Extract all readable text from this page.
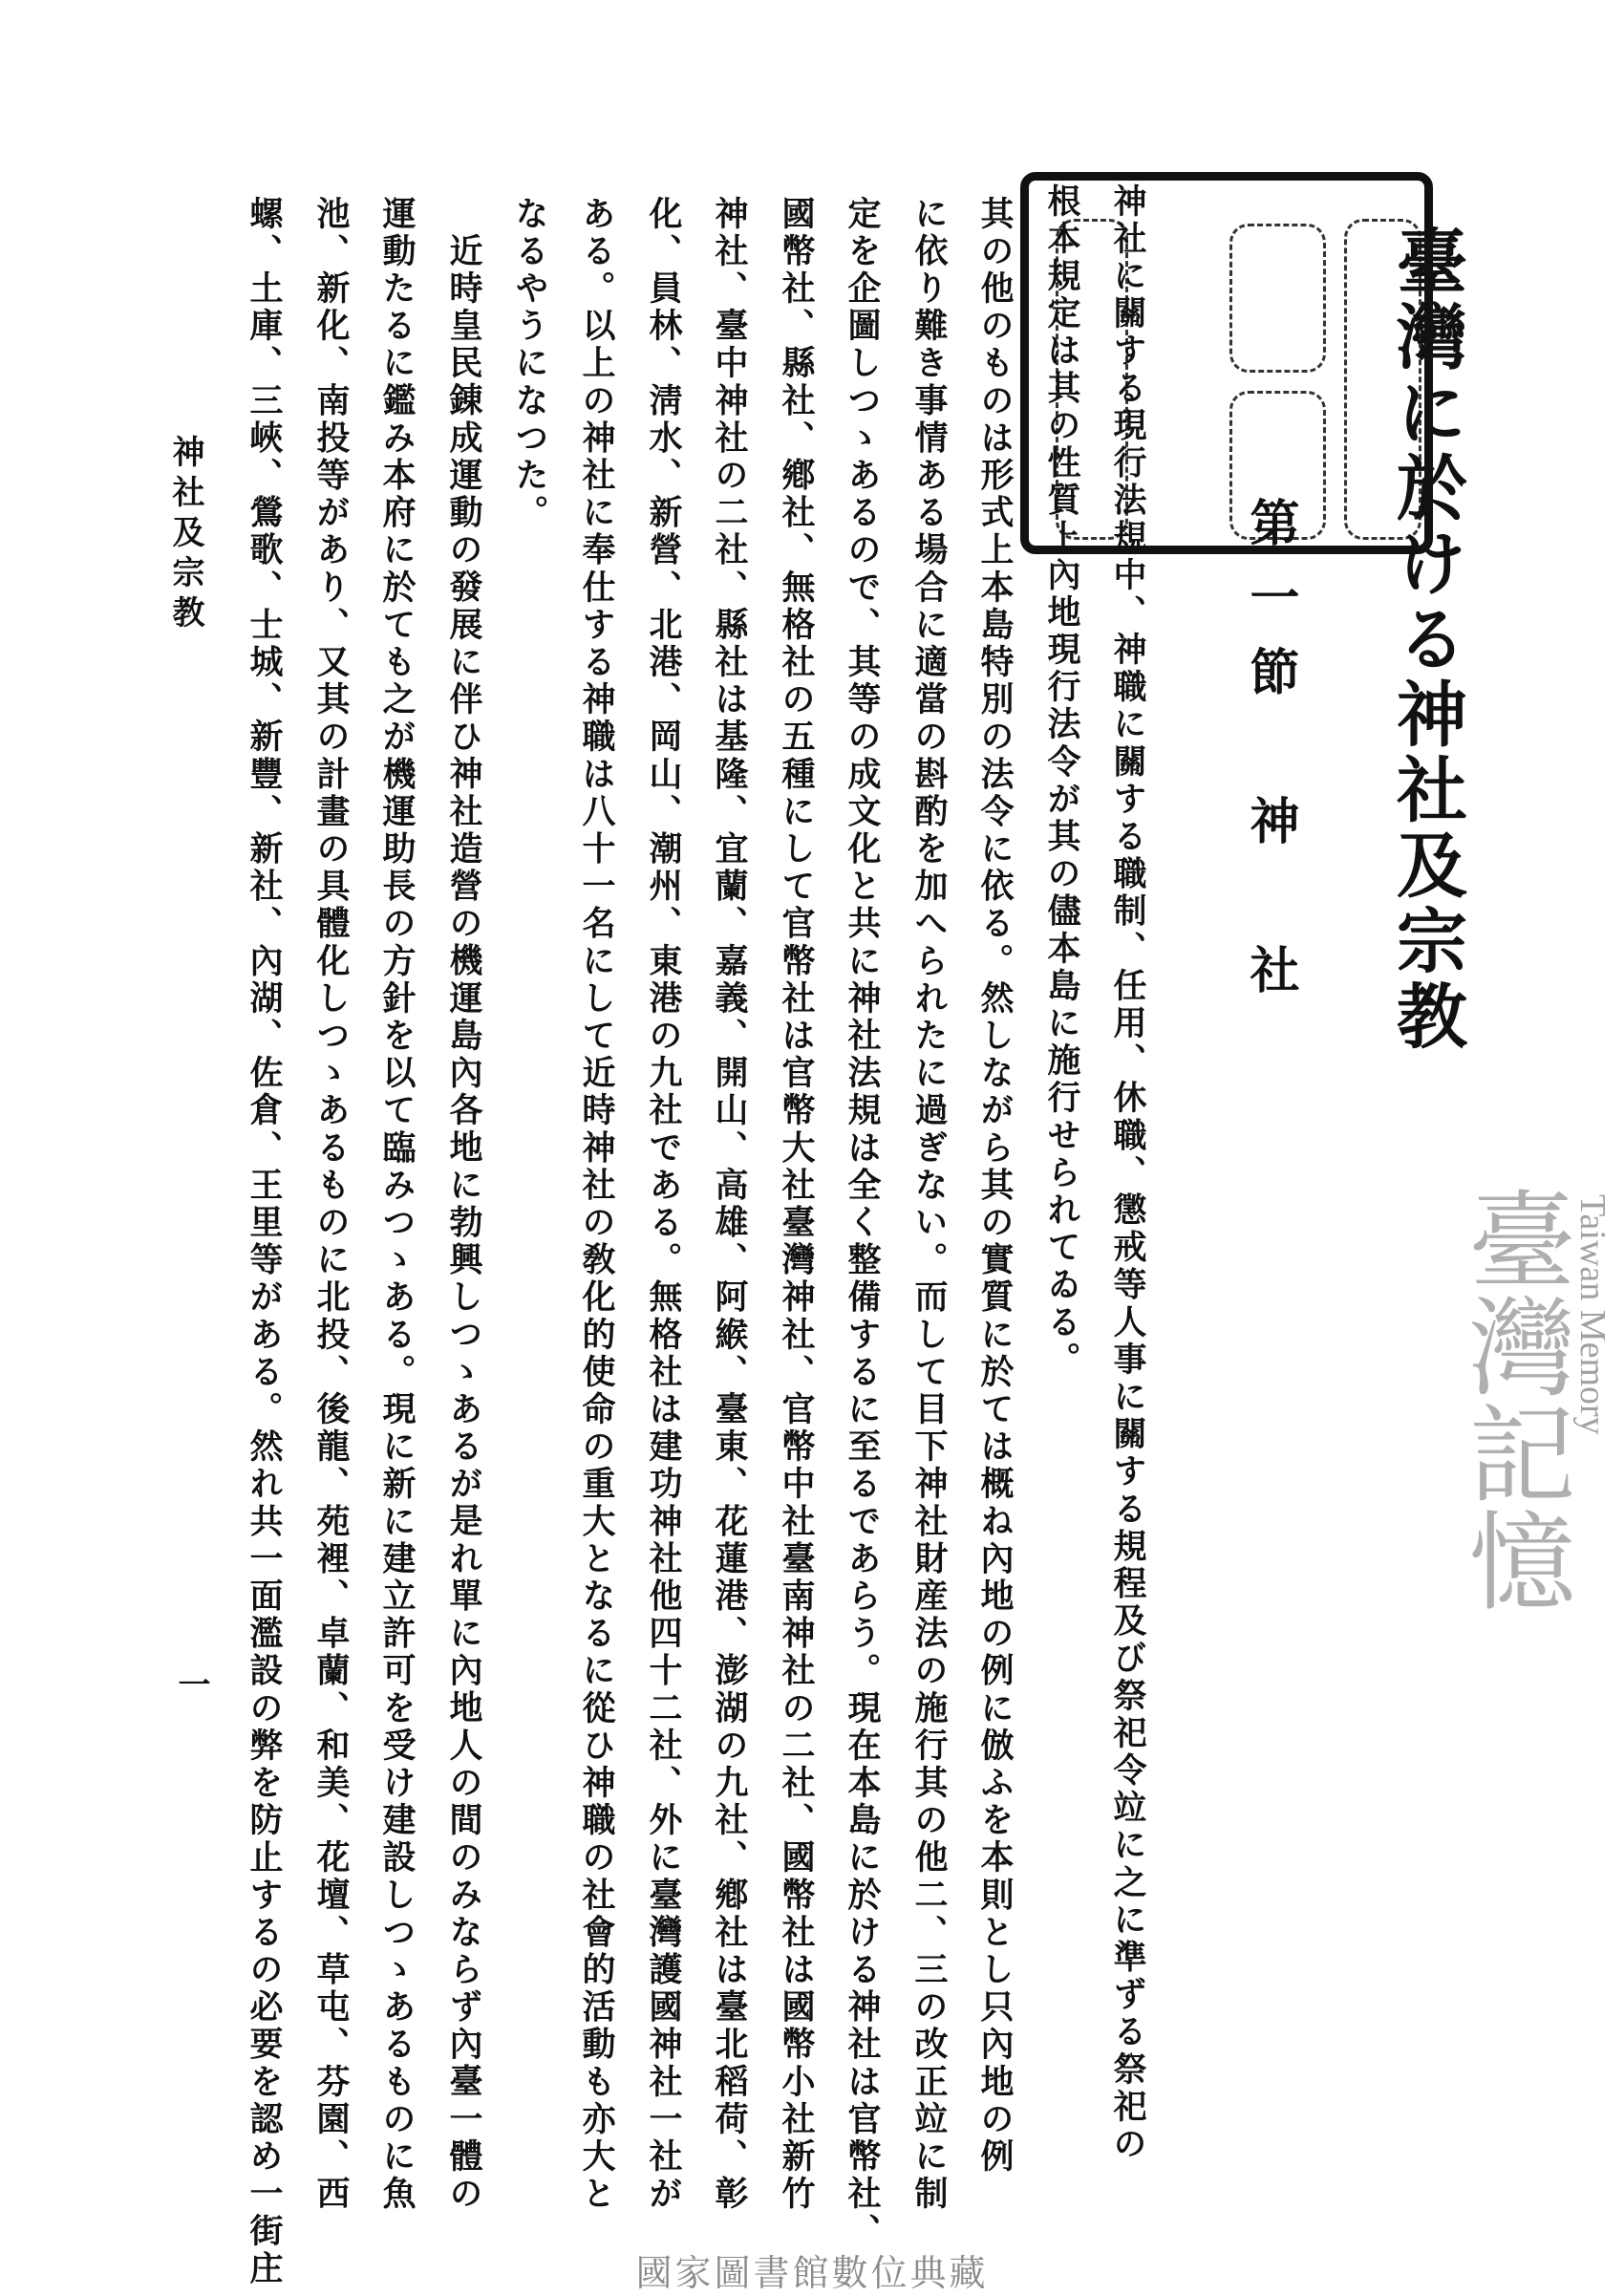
臺灣に於ける神社及宗教
第一節　神　社
神社に關する現行法規中、神職に關する職制、任用、休職、懲戒等人事に關する規程及び祭祀令竝に之に準ずる祭祀の
根本規定は其の性質上內地現行法令が其の儘本島に施行せられてゐる。
其の他のものは形式上本島特別の法令に依る。然しながら其の實質に於ては概ね內地の例に倣ふを本則とし只內地の例
に依り難き事情ある場合に適當の斟酌を加へられたに過ぎない。而して目下神社財産法の施行其の他二、三の改正竝に制
定を企圖しつゝあるので、其等の成文化と共に神社法規は全く整備するに至るであらう。現在本島に於ける神社は官幣社、
國幣社、縣社、鄕社、無格社の五種にして官幣社は官幣大社臺灣神社、官幣中社臺南神社の二社、國幣社は國幣小社新竹
神社、臺中神社の二社、縣社は基隆、宜蘭、嘉義、開山、高雄、阿緱、臺東、花蓮港、澎湖の九社、鄕社は臺北稻荷、彰
化、員林、淸水、新營、北港、岡山、潮州、東港の九社である。無格社は建功神社他四十二社、外に臺灣護國神社一社が
ある。以上の神社に奉仕する神職は八十一名にして近時神社の敎化的使命の重大となるに從ひ神職の社會的活動も亦大と
なるやうになつた。
近時皇民錬成運動の發展に伴ひ神社造營の機運島內各地に勃興しつゝあるが是れ單に內地人の間のみならず內臺一體の
運動たるに鑑み本府に於ても之が機運助長の方針を以て臨みつゝある。現に新に建立許可を受け建設しつゝあるものに魚
池、新化、南投等があり、又其の計畫の具體化しつゝあるものに北投、後龍、苑裡、卓蘭、和美、花壇、草屯、芬園、西
螺、土庫、三峽、鶯歌、士城、新豐、新社、內湖、佐倉、王里等がある。然れ共一面濫設の弊を防止するの必要を認め一街庄
神社及宗教
一
臺灣記憶
Taiwan Memory
國家圖書館數位典藏
